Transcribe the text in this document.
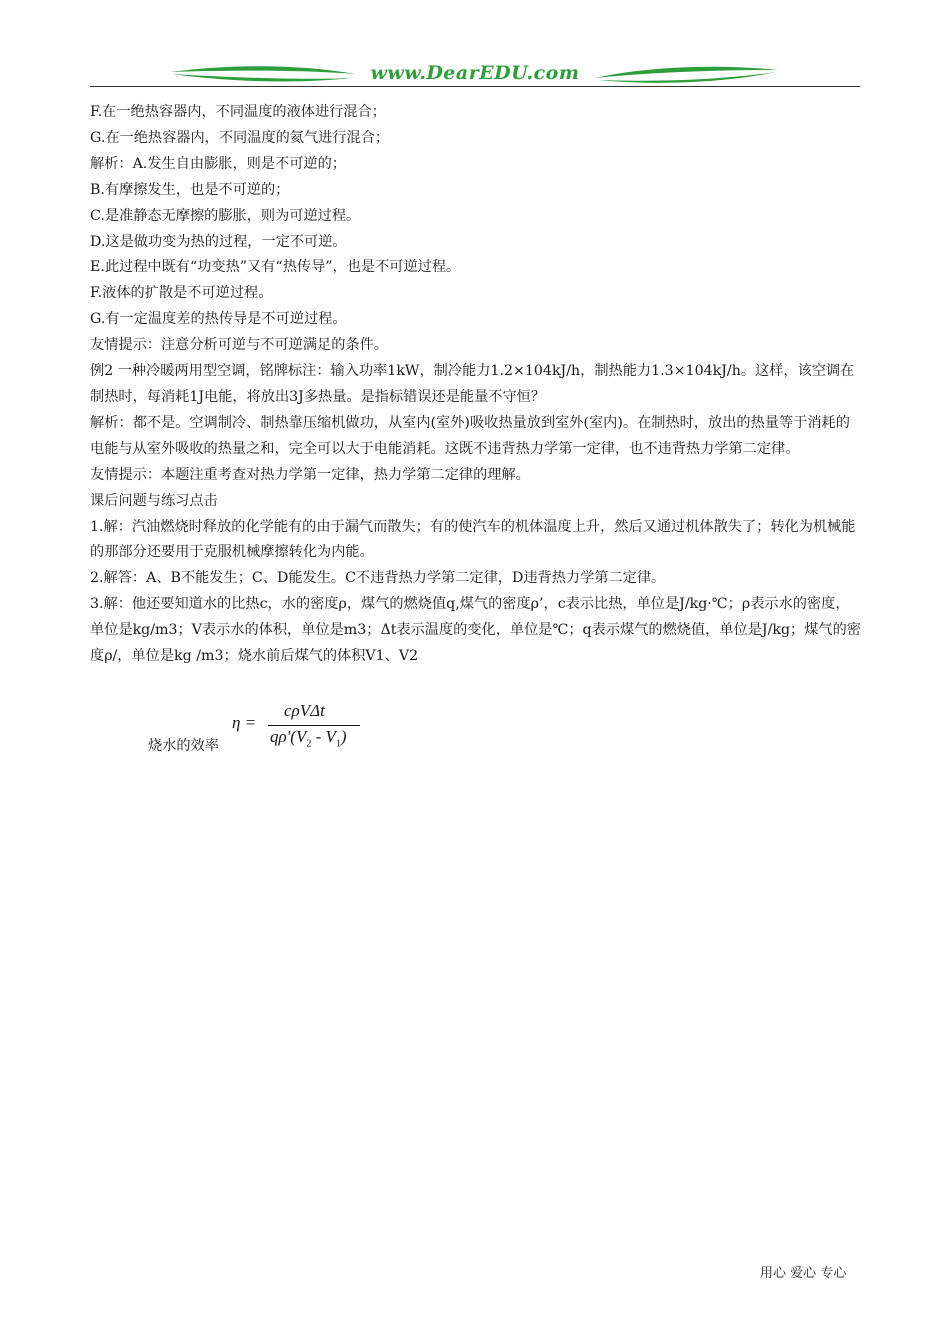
www.DearEDU.com

F.在一绝热容器内，不同温度的液体进行混合；

G.在一绝热容器内，不同温度的氦气进行混合；

解析：A.发生自由膨胀，则是不可逆的；

B.有摩擦发生，也是不可逆的；

C.是准静态无摩擦的膨胀，则为可逆过程。

D.这是做功变为热的过程，一定不可逆。

E.此过程中既有“功变热”又有“热传导”，也是不可逆过程。

F.液体的扩散是不可逆过程。

G.有一定温度差的热传导是不可逆过程。

友情提示：注意分析可逆与不可逆满足的条件。

例2 一种冷暖两用型空调，铭牌标注：输入功率1kW，制冷能力1.2×104kJ/h，制热能力1.3×104kJ/h。这样，该空调在制热时，每消耗1J电能，将放出3J多热量。是指标错误还是能量不守恒？

解析：都不是。空调制冷、制热靠压缩机做功，从室内(室外)吸收热量放到室外(室内)。在制热时，放出的热量等于消耗的电能与从室外吸收的热量之和，完全可以大于电能消耗。这既不违背热力学第一定律，也不违背热力学第二定律。

友情提示：本题注重考查对热力学第一定律，热力学第二定律的理解。

课后问题与练习点击

1.解：汽油燃烧时释放的化学能有的由于漏气而散失；有的使汽车的机体温度上升，然后又通过机体散失了；转化为机械能的那部分还要用于克服机械摩擦转化为内能。

2.解答：A、B不能发生；C、D能发生。C不违背热力学第二定律，D违背热力学第二定律。

3.解：他还要知道水的比热c，水的密度ρ，煤气的燃烧值q,煤气的密度ρ’，c表示比热，单位是J/kg·℃；ρ表示水的密度，单位是kg/m3；V表示水的体积，单位是m3；Δt表示温度的变化，单位是℃；q表示煤气的燃烧值，单位是J/kg；煤气的密度ρ/，单位是kg /m3；烧水前后煤气的体积V1、V2

烧水的效率
η =
cρVΔt
$q\rho'(V_2 - V_1)$
用心 爱心 专心
